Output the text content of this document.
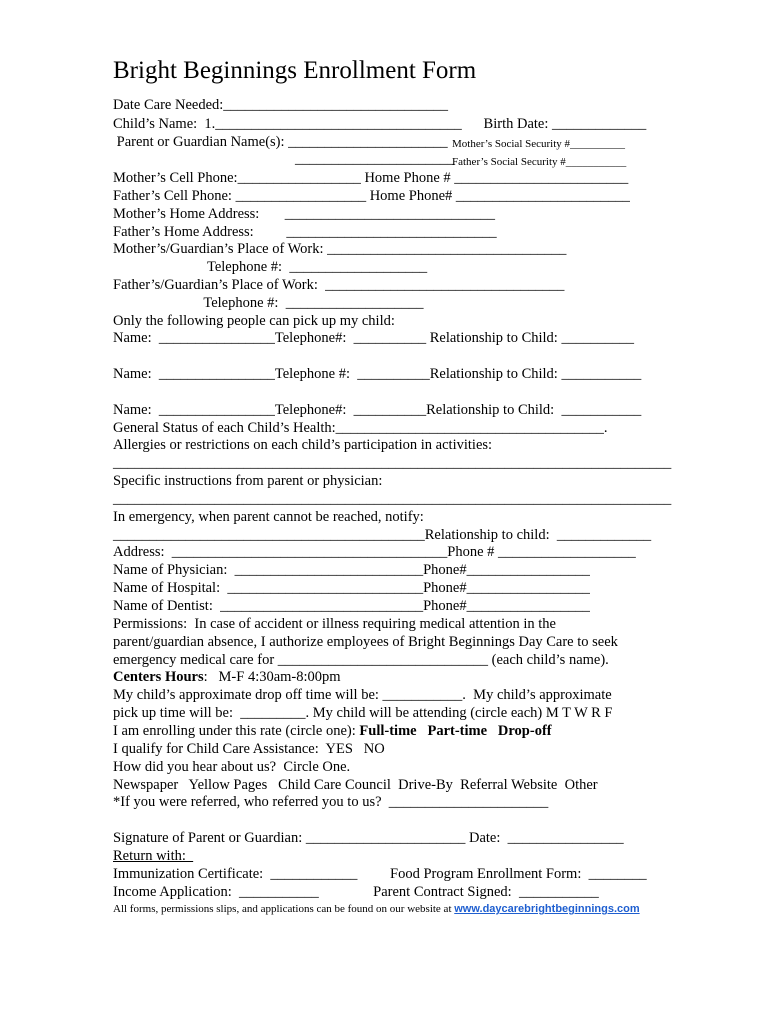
Bright Beginnings Enrollment Form
Date Care Needed:_______________________________
Child’s Name:  1.__________________________________      Birth Date: _____________
Parent or Guardian Name(s): ______________________ Mother’s Social Security #__________
______________________
Father’s Social Security #___________
Mother’s Cell Phone:_________________ Home Phone # ________________________
Father’s Cell Phone: __________________ Home Phone# ________________________
Mother’s Home Address:       _____________________________
Father’s Home Address:         _____________________________
Mother’s/Guardian’s Place of Work: _________________________________
Telephone #:  ___________________
Father’s/Guardian’s Place of Work:  _________________________________
Telephone #:  ___________________
Only the following people can pick up my child:
Name:  ________________Telephone#:  __________ Relationship to Child: __________
Name:  ________________Telephone #:  __________Relationship to Child: ___________
Name:  ________________Telephone#:  __________Relationship to Child:  ___________
General Status of each Child’s Health:_____________________________________.
Allergies or restrictions on each child’s participation in activities:
_____________________________________________________________________________
Specific instructions from parent or physician:
_____________________________________________________________________________
In emergency, when parent cannot be reached, notify:
___________________________________________Relationship to child:  _____________
Address:  ______________________________________Phone # ___________________
Name of Physician:  __________________________Phone#_________________
Name of Hospital:  ___________________________Phone#_________________
Name of Dentist:  ____________________________Phone#_________________
Permissions:  In case of accident or illness requiring medical attention in the
parent/guardian absence, I authorize employees of Bright Beginnings Day Care to seek
emergency medical care for _____________________________ (each child’s name).
Centers Hours:   M-F 4:30am-8:00pm
My child’s approximate drop off time will be: ___________.  My child’s approximate
pick up time will be:  _________. My child will be attending (circle each) M T W R F
I am enrolling under this rate (circle one): Full-time   Part-time   Drop-off
I qualify for Child Care Assistance:  YES   NO
How did you hear about us?  Circle One.
Newspaper   Yellow Pages   Child Care Council  Drive-By  Referral Website  Other
*If you were referred, who referred you to us?  ______________________
Signature of Parent or Guardian: ______________________ Date:  ________________
Return with:
Immunization Certificate:  ____________         Food Program Enrollment Form:  ________
Income Application:  ___________               Parent Contract Signed:  ___________
All forms, permissions slips, and applications can be found on our website at www.daycarebrightbeginnings.com
